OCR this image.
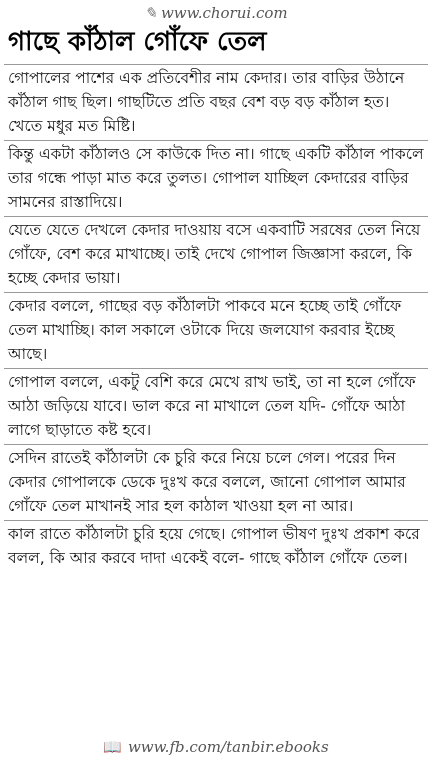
✎ www.chorui.com
গাছে কাঁঠাল গোঁফে তেল
গোপালের পাশের এক প্রতিবেশীর নাম কেদার। তার বাড়ির উঠানে কাঁঠাল গাছ ছিল। গাছটিতে প্রতি বছর বেশ বড় বড় কাঁঠাল হত। খেতে মধুর মত মিষ্টি।
কিন্তু একটা কাঁঠালও সে কাউকে দিত না। গাছে একটি কাঁঠাল পাকলে তার গন্ধে পাড়া মাত করে তুলত। গোপাল যাচ্ছিল কেদারের বাড়ির সামনের রাস্তাদিয়ে।
যেতে যেতে দেখলে কেদার দাওয়ায় বসে একবাটি সরষের তেল নিয়ে গোঁফে, বেশ করে মাখাচ্ছে। তাই দেখে গোপাল জিজ্ঞাসা করলে, কি হচ্ছে কেদার ভায়া।
কেদার বললে, গাছের বড় কাঁঠালটা পাকবে মনে হচ্ছে তাই গোঁফে তেল মাখাচ্ছি। কাল সকালে ওটাকে দিয়ে জলযোগ করবার ইচ্ছে আছে।
গোপাল বললে, একটু বেশি করে মেখে রাখ ভাই, তা না হলে গোঁফে আঠা জড়িয়ে যাবে। ভাল করে না মাখালে তেল যদি- গোঁফে আঠা লাগে ছাড়াতে কষ্ট হবে।
সেদিন রাতেই কাঁঠালটা কে চুরি করে নিয়ে চলে গেল। পরের দিন কেদার গোপালকে ডেকে দুঃখ করে বললে, জানো গোপাল আমার গোঁফে তেল মাখানই সার হল কাঠাল খাওয়া হল না আর।
কাল রাতে কাঁঠালটা চুরি হয়ে গেছে। গোপাল ভীষণ দুঃখ প্রকাশ করে বলল, কি আর করবে দাদা একেই বলে- গাছে কাঁঠাল গোঁফে তেল।
📖 www.fb.com/tanbir.ebooks
